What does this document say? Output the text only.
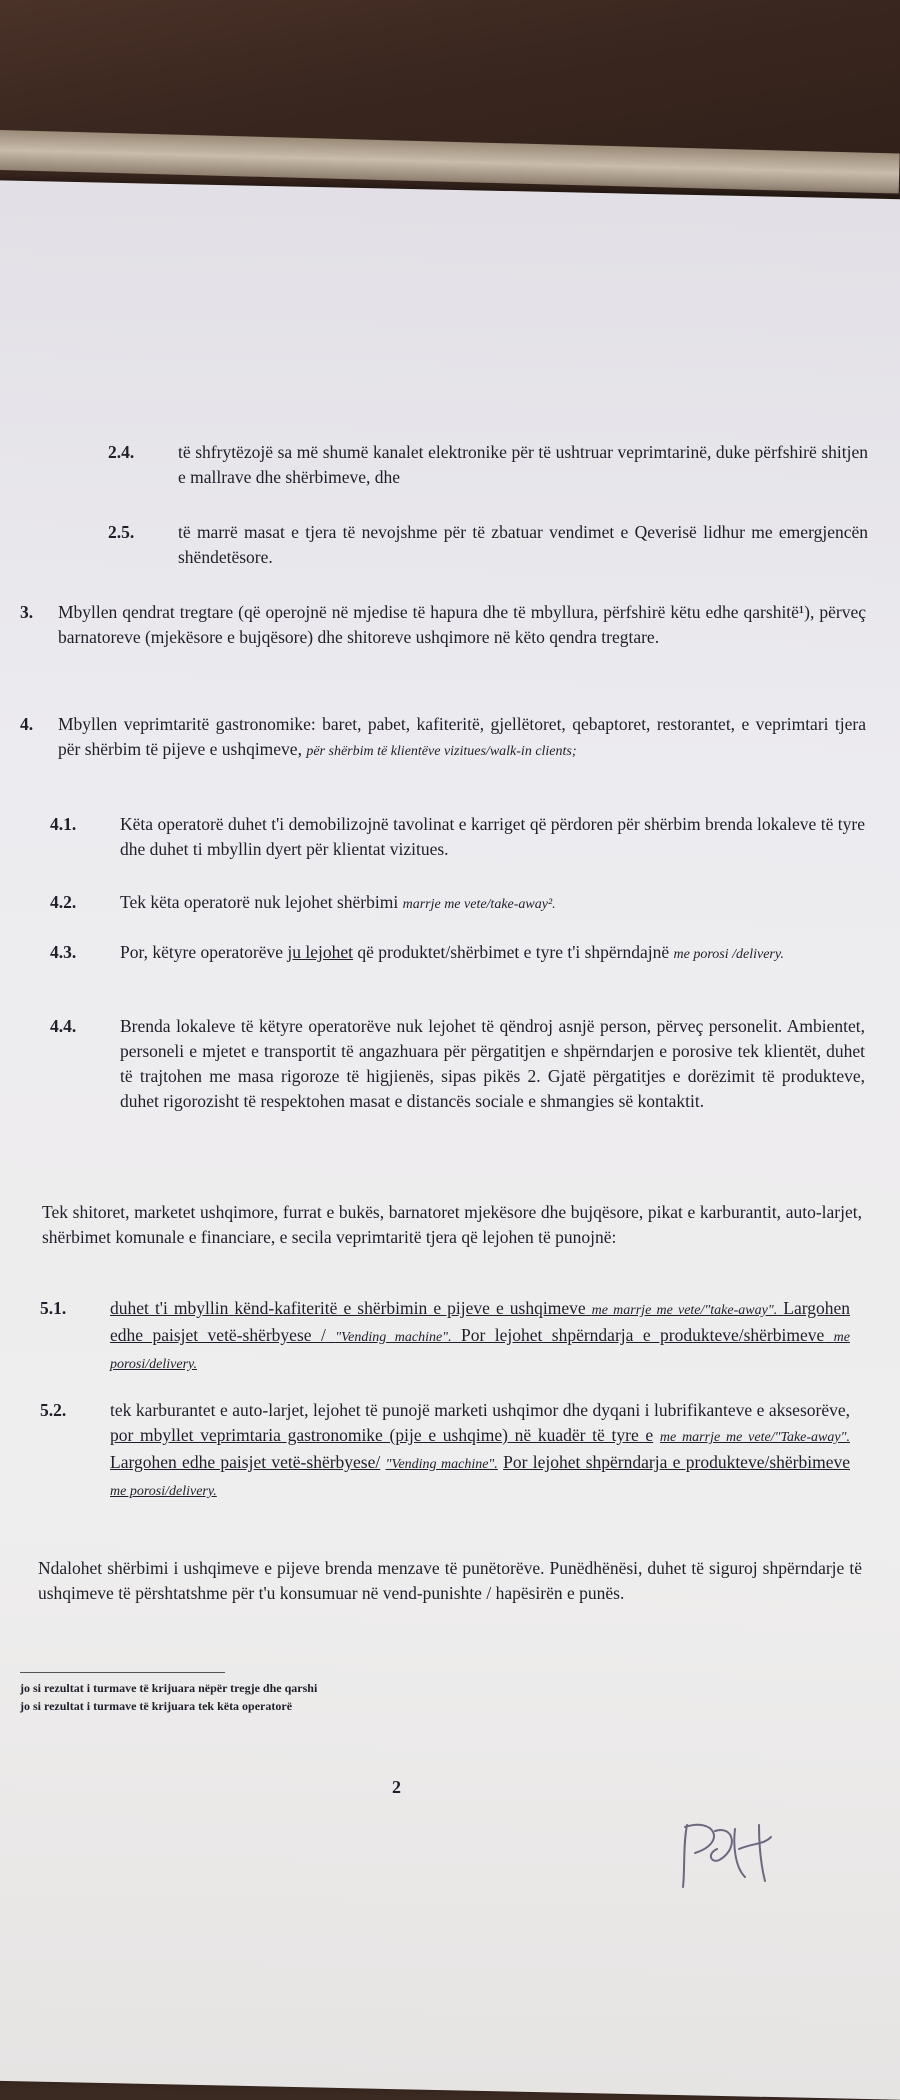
2.4.	të shfrytëzojë sa më shumë kanalet elektronike për të ushtruar veprimtarinë, duke përfshirë shitjen e mallrave dhe shërbimeve, dhe
2.5.	të marrë masat e tjera të nevojshme për të zbatuar vendimet e Qeverisë lidhur me emergjencën shëndetësore.
3. Mbyllen qendrat tregtare (që operojnë në mjedise të hapura dhe të mbyllura, përfshirë këtu edhe qarshitë¹), përveç barnatoreve (mjekësore e bujqësore) dhe shitoreve ushqimore në këto qendra tregtare.
4. Mbyllen veprimtaritë gastronomike: baret, pabet, kafiteritë, gjellëtoret, qebaptoret, restorantet, e veprimtari tjera për shërbim të pijeve e ushqimeve, për shërbim të klientëve vizitues/walk-in clients;
4.1.	Këta operatorë duhet t'i demobilizojnë tavolinat e karriget që përdoren për shërbim brenda lokaleve të tyre dhe duhet ti mbyllin dyert për klientat vizitues.
4.2.	Tek këta operatorë nuk lejohet shërbimi marrje me vete/take-away².
4.3.	Por, këtyre operatorëve ju lejohet që produktet/shërbimet e tyre t'i shpërndajnë me porosi /delivery.
4.4.	Brenda lokaleve të këtyre operatorëve nuk lejohet të qëndroj asnjë person, përveç personelit. Ambientet, personeli e mjetet e transportit të angazhuara për përgatitjen e shpërndarjen e porosive tek klientët, duhet të trajtohen me masa rigoroze të higjienës, sipas pikës 2. Gjatë përgatitjes e dorëzimit të produkteve, duhet rigorozisht të respektohen masat e distancës sociale e shmangies së kontaktit.
Tek shitoret, marketet ushqimore, furrat e bukës, barnatoret mjekësore dhe bujqësore, pikat e karburantit, auto-larjet, shërbimet komunale e financiare, e secila veprimtaritë tjera që lejohen të punojnë:
5.1.	duhet t'i mbyllin kënd-kafiteritë e shërbimin e pijeve e ushqimeve me marrje me vete/"take-away". Largohen edhe paisjet vetë-shërbyese / "Vending machine". Por lejohet shpërndarja e produkteve/shërbimeve me porosi/delivery.
5.2.	tek karburantet e auto-larjet, lejohet të punojë marketi ushqimor dhe dyqani i lubrifikanteve e aksesorëve, por mbyllet veprimtaria gastronomike (pije e ushqime) në kuadër të tyre e me marrje me vete/"Take-away". Largohen edhe paisjet vetë-shërbyese/ "Vending machine". Por lejohet shpërndarja e produkteve/shërbimeve me porosi/delivery.
Ndalohet shërbimi i ushqimeve e pijeve brenda menzave të punëtorëve. Punëdhënësi, duhet të siguroj shpërndarje të ushqimeve të përshtatshme për t'u konsumuar në vend-punishte / hapësirën e punës.
jo si rezultat i turmave të krijuara nëpër tregje dhe qarshi
jo si rezultat i turmave të krijuara tek këta operatorë
2
